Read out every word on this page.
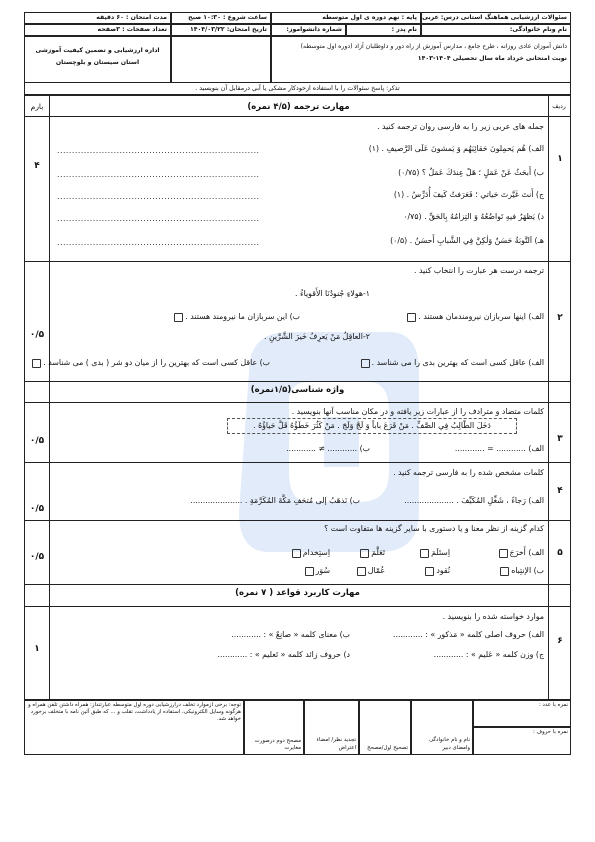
سئوالات ارزشیابی هماهنگ استانی درس: عربی
پایه : نهم دوره ی اول متوسطه
ساعت شروع : ۱۰:۳۰ صبح
مدت امتحان : ۶۰ دقیقه
نام ونام خانوادگی:
نام پدر :
شماره دانشواموز:
تاریخ امتحان: ۱۴۰۴/۰۳/۲۲
تعداد صفحات : ۳صفحه
دانش آموزان عادی روزانه ، طرح جامع ، مدارس آموزش از راه دور و داوطلبان آزاد (دوره اول متوسطه)
نوبت امتحانی خرداد ماه سال تحصیلی ۱۴۰۴-۱۴۰۳
اداره ارزشیابی و تضمین کیفیت آموزشی
استان سیستان و بلوچستان
تذکر: پاسخ سئوالات را با استفاده ازخودکار مشکی یا آبی درمقابل آن بنویسید .
بارم	ردیف
مهارت ترجمه (۴/۵ نمره)
۱
۴
جمله های عربی زیر را به فارسی روان ترجمه کنید .
الف) هُم يَحمِلونَ حَقائِبَهُم وَ يَمشونَ عَلَى الرَّصيفِ . (۱)
....................................................................
ب) أَبحَثُ عَنْ عَمَلٍ ؛ هَلْ عِندَكَ عَمَلٌ ؟ (۰/۷۵)
....................................................................
ج) أَنتَ غَيَّرتَ حَياتي ؛ فَعَرَفتُ كَيفَ أُدَرِّسُ . (۱)
....................................................................
د) يَظهَرُ فيهِ تَواضُعُهُ وَ التِزامُهُ بِالحَقِّ . (۰/۷۵
....................................................................
هـ) اَلتَّوبَةُ حَسَنٌ وَلٰكِنَّ فِي الشَّبابِ أَحسَنُ . (۰/۵)
....................................................................
۲
۰/۵
ترجمه درست هر عبارت را انتخاب کنید .
۱-هولاءِ جُنودُنَا الأَقوياءُ .
الف) اینها سربازان نیرومندمان هستند .
ب) این سربازان ما نیرومند هستند .
۲-العاقِلُ مَنْ يَعرِفُ خَيرَ الشَّرَّينِ .
الف) عاقل کسی است که بهترین بدی را می شناسد .
ب) عاقل کسی است که بهترین را از میان دو شر ( بدی ) می شناسد .
واژه شناسی(۱/۵نمره)
۳
۰/۵
کلمات متضاد و مترادف را از عبارات زیر یافته و در مکان مناسب آنها بنویسید .
دَخَلَ الطّالِبُ فِي الصَّفِّ . مَنْ قَرَعَ باباً وَ لَجَّ وَلَجَ . مَنْ كَثُرَ خَطَؤُهُ قَلَّ حَياؤُهُ .
الف) ............ = ............
ب) ............ ≠ ............
۴
۰/۵
کلمات مشخص شده را به فارسی ترجمه کنید .
الف) رَجاءً ، شَغِّلِ المُكَيِّفَ . ....................
ب) نَذهَبُ إلى مُتحَفِ مَكَّةَ المُكَرَّمَةِ . .....................
۵
۰/۵
کدام گزینه از نظر معنا و یا دستوری با سایر گزینه ها متفاوت است ؟
الف) أَخرَجَ
اِستَلَمَ
تَعَلَّمَ
اِستِخدام
ب) الإنتِباه
نُقود
عُمّال
سُوَر
مهارت کاربرد قواعد ( ۷ نمره)
۶
۱
موارد خواسته شده را بنویسید .
الف) حروف اصلی کلمه « مَذکور » : ............
ب) معنای کلمه « صانِعٌ » : ............
ج) وزن کلمه « عَليم » : ............
د) حروف زائد کلمه « تَعليم » : ............
توجه: برخی ازموارد تخلف درارزشیابی دوره اول متوسطه عبارتنداز: همراه داشتن تلفن همراه و هرگونه وسایل الکترونیکی، استفاده از یادداشت، تقلب و ... که طبق آئین نامه با متخلف برخورد خواهد شد.
مصحح دوم درصورت مغایرت
تجدید نظر/ امضاء
اعتراض تصحیح اول/مصحح
نام و نام خانوادگی
وامضای دبیر
نمره با عدد :
نمره با حروف :
